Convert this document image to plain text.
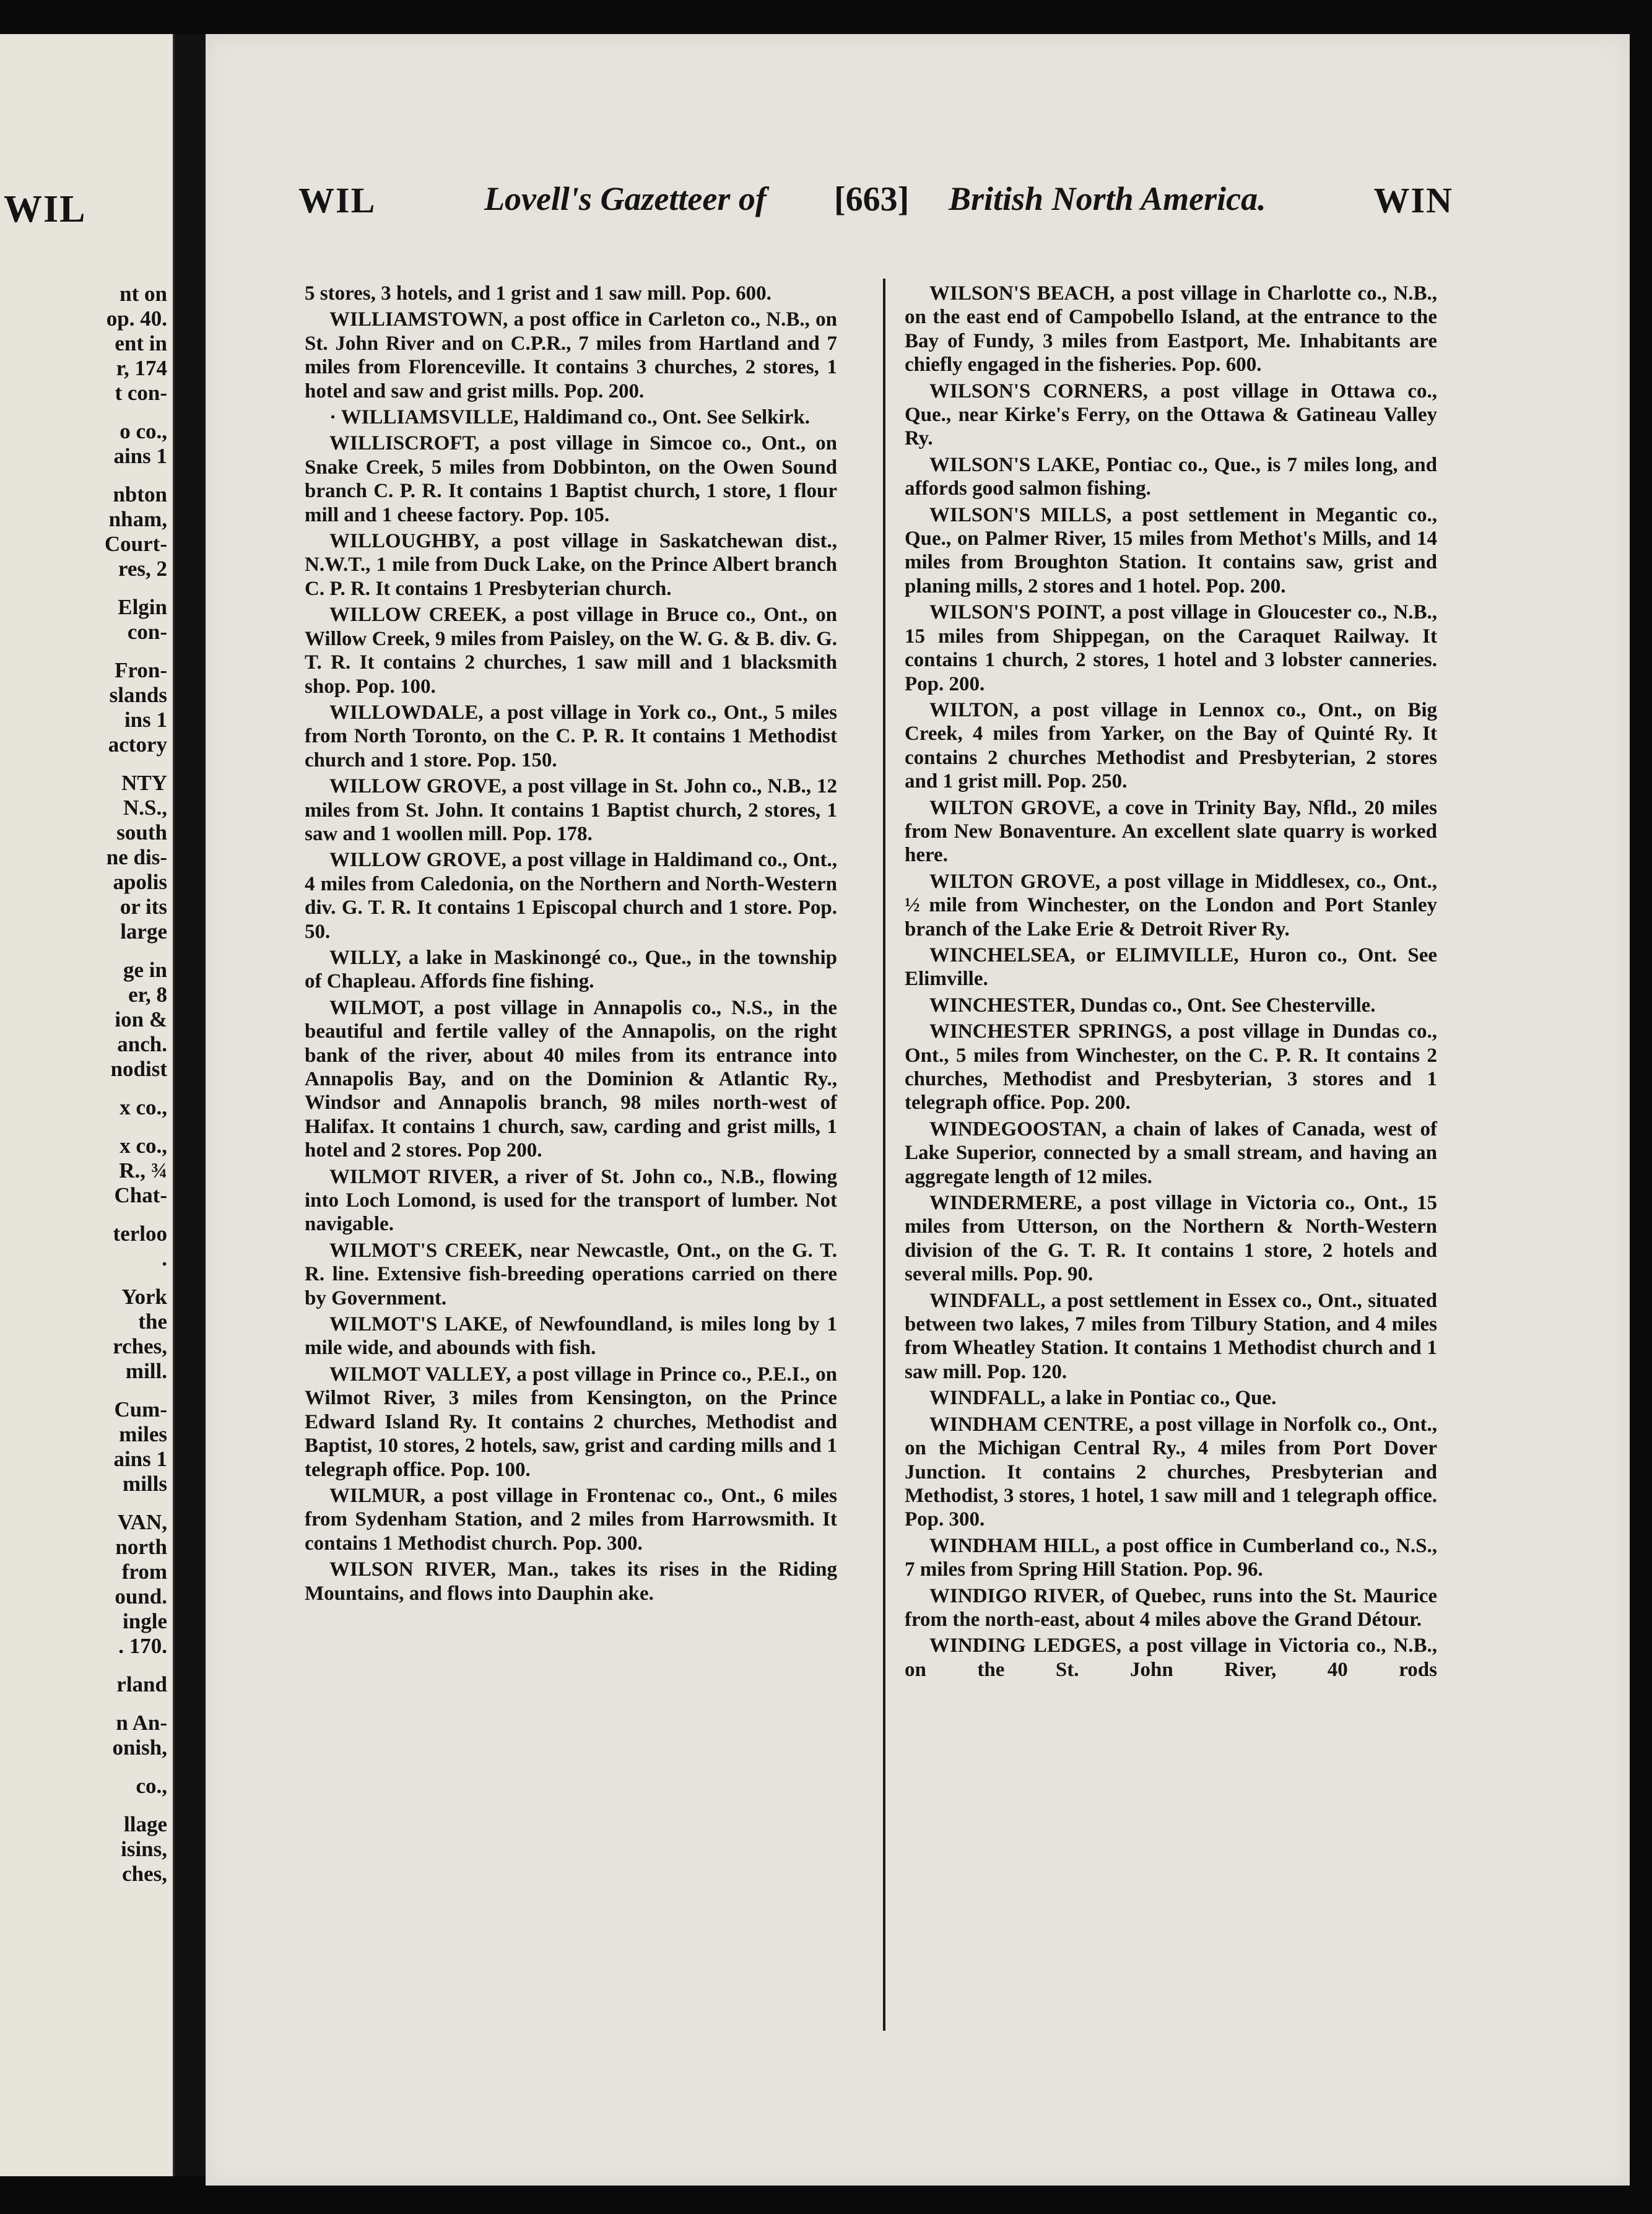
WIL
nt on
op. 40.
ent in
r, 174
t con-
o co.,
ains 1
nbton
nham,
Court-
res, 2
Elgin
con-
Fron-
slands
ins 1
actory
NTY
N.S.,
south
ne dis-
apolis
or its
large
ge in
er, 8
ion &
anch.
nodist
x co.,
x co.,
R., ¾
Chat-
terloo
.
York
the
rches,
mill.
Cum-
miles
ains 1
mills
VAN,
north
from
ound.
ingle
. 170.
rland
n An-
onish,
co.,
llage
isins,
ches,
WIL	Lovell's Gazetteer of [663] British North America.	WIN

5 stores, 3 hotels, and 1 grist and 1 saw mill. Pop. 600.

WILLIAMSTOWN, a post office in Carleton co., N.B., on St. John River and on C.P.R., 7 miles from Hartland and 7 miles from Florenceville. It contains 3 churches, 2 stores, 1 hotel and saw and grist mills. Pop. 200.

· WILLIAMSVILLE, Haldimand co., Ont. See Selkirk.

WILLISCROFT, a post village in Simcoe co., Ont., on Snake Creek, 5 miles from Dobbinton, on the Owen Sound branch C. P. R. It contains 1 Baptist church, 1 store, 1 flour mill and 1 cheese factory. Pop. 105.

WILLOUGHBY, a post village in Saskatchewan dist., N.W.T., 1 mile from Duck Lake, on the Prince Albert branch C. P. R. It contains 1 Presbyterian church.

WILLOW CREEK, a post village in Bruce co., Ont., on Willow Creek, 9 miles from Paisley, on the W. G. & B. div. G. T. R. It contains 2 churches, 1 saw mill and 1 blacksmith shop. Pop. 100.

WILLOWDALE, a post village in York co., Ont., 5 miles from North Toronto, on the C. P. R. It contains 1 Methodist church and 1 store. Pop. 150.

WILLOW GROVE, a post village in St. John co., N.B., 12 miles from St. John. It contains 1 Baptist church, 2 stores, 1 saw and 1 woollen mill. Pop. 178.

WILLOW GROVE, a post village in Haldimand co., Ont., 4 miles from Caledonia, on the Northern and North-Western div. G. T. R. It contains 1 Episcopal church and 1 store. Pop. 50.

WILLY, a lake in Maskinongé co., Que., in the township of Chapleau. Affords fine fishing.

WILMOT, a post village in Annapolis co., N.S., in the beautiful and fertile valley of the Annapolis, on the right bank of the river, about 40 miles from its entrance into Annapolis Bay, and on the Dominion & Atlantic Ry., Windsor and Annapolis branch, 98 miles north-west of Halifax. It contains 1 church, saw, carding and grist mills, 1 hotel and 2 stores. Pop 200.

WILMOT RIVER, a river of St. John co., N.B., flowing into Loch Lomond, is used for the transport of lumber. Not navigable.

WILMOT'S CREEK, near Newcastle, Ont., on the G. T. R. line. Extensive fish-breeding operations carried on there by Government.

WILMOT'S LAKE, of Newfoundland, is miles long by 1 mile wide, and abounds with fish.

WILMOT VALLEY, a post village in Prince co., P.E.I., on Wilmot River, 3 miles from Kensington, on the Prince Edward Island Ry. It contains 2 churches, Methodist and Baptist, 10 stores, 2 hotels, saw, grist and carding mills and 1 telegraph office. Pop. 100.

WILMUR, a post village in Frontenac co., Ont., 6 miles from Sydenham Station, and 2 miles from Harrowsmith. It contains 1 Methodist church. Pop. 300.

WILSON RIVER, Man., takes its rises in the Riding Mountains, and flows into Dauphin ake.

WILSON'S BEACH, a post village in Charlotte co., N.B., on the east end of Campobello Island, at the entrance to the Bay of Fundy, 3 miles from Eastport, Me. Inhabitants are chiefly engaged in the fisheries. Pop. 600.

WILSON'S CORNERS, a post village in Ottawa co., Que., near Kirke's Ferry, on the Ottawa & Gatineau Valley Ry.

WILSON'S LAKE, Pontiac co., Que., is 7 miles long, and affords good salmon fishing.

WILSON'S MILLS, a post settlement in Megantic co., Que., on Palmer River, 15 miles from Methot's Mills, and 14 miles from Broughton Station. It contains saw, grist and planing mills, 2 stores and 1 hotel. Pop. 200.

WILSON'S POINT, a post village in Gloucester co., N.B., 15 miles from Shippegan, on the Caraquet Railway. It contains 1 church, 2 stores, 1 hotel and 3 lobster canneries. Pop. 200.

WILTON, a post village in Lennox co., Ont., on Big Creek, 4 miles from Yarker, on the Bay of Quinté Ry. It contains 2 churches Methodist and Presbyterian, 2 stores and 1 grist mill. Pop. 250.

WILTON GROVE, a cove in Trinity Bay, Nfld., 20 miles from New Bonaventure. An excellent slate quarry is worked here.

WILTON GROVE, a post village in Middlesex, co., Ont., ½ mile from Winchester, on the London and Port Stanley branch of the Lake Erie & Detroit River Ry.

WINCHELSEA, or ELIMVILLE, Huron co., Ont. See Elimville.

WINCHESTER, Dundas co., Ont. See Chesterville.

WINCHESTER SPRINGS, a post village in Dundas co., Ont., 5 miles from Winchester, on the C. P. R. It contains 2 churches, Methodist and Presbyterian, 3 stores and 1 telegraph office. Pop. 200.

WINDEGOOSTAN, a chain of lakes of Canada, west of Lake Superior, connected by a small stream, and having an aggregate length of 12 miles.

WINDERMERE, a post village in Victoria co., Ont., 15 miles from Utterson, on the Northern & North-Western division of the G. T. R. It contains 1 store, 2 hotels and several mills. Pop. 90.

WINDFALL, a post settlement in Essex co., Ont., situated between two lakes, 7 miles from Tilbury Station, and 4 miles from Wheatley Station. It contains 1 Methodist church and 1 saw mill. Pop. 120.

WINDFALL, a lake in Pontiac co., Que.

WINDHAM CENTRE, a post village in Norfolk co., Ont., on the Michigan Central Ry., 4 miles from Port Dover Junction. It contains 2 churches, Presbyterian and Methodist, 3 stores, 1 hotel, 1 saw mill and 1 telegraph office. Pop. 300.

WINDHAM HILL, a post office in Cumberland co., N.S., 7 miles from Spring Hill Station. Pop. 96.

WINDIGO RIVER, of Quebec, runs into the St. Maurice from the north-east, about 4 miles above the Grand Détour.

WINDING LEDGES, a post village in Victoria co., N.B., on the St. John River, 40 rods
